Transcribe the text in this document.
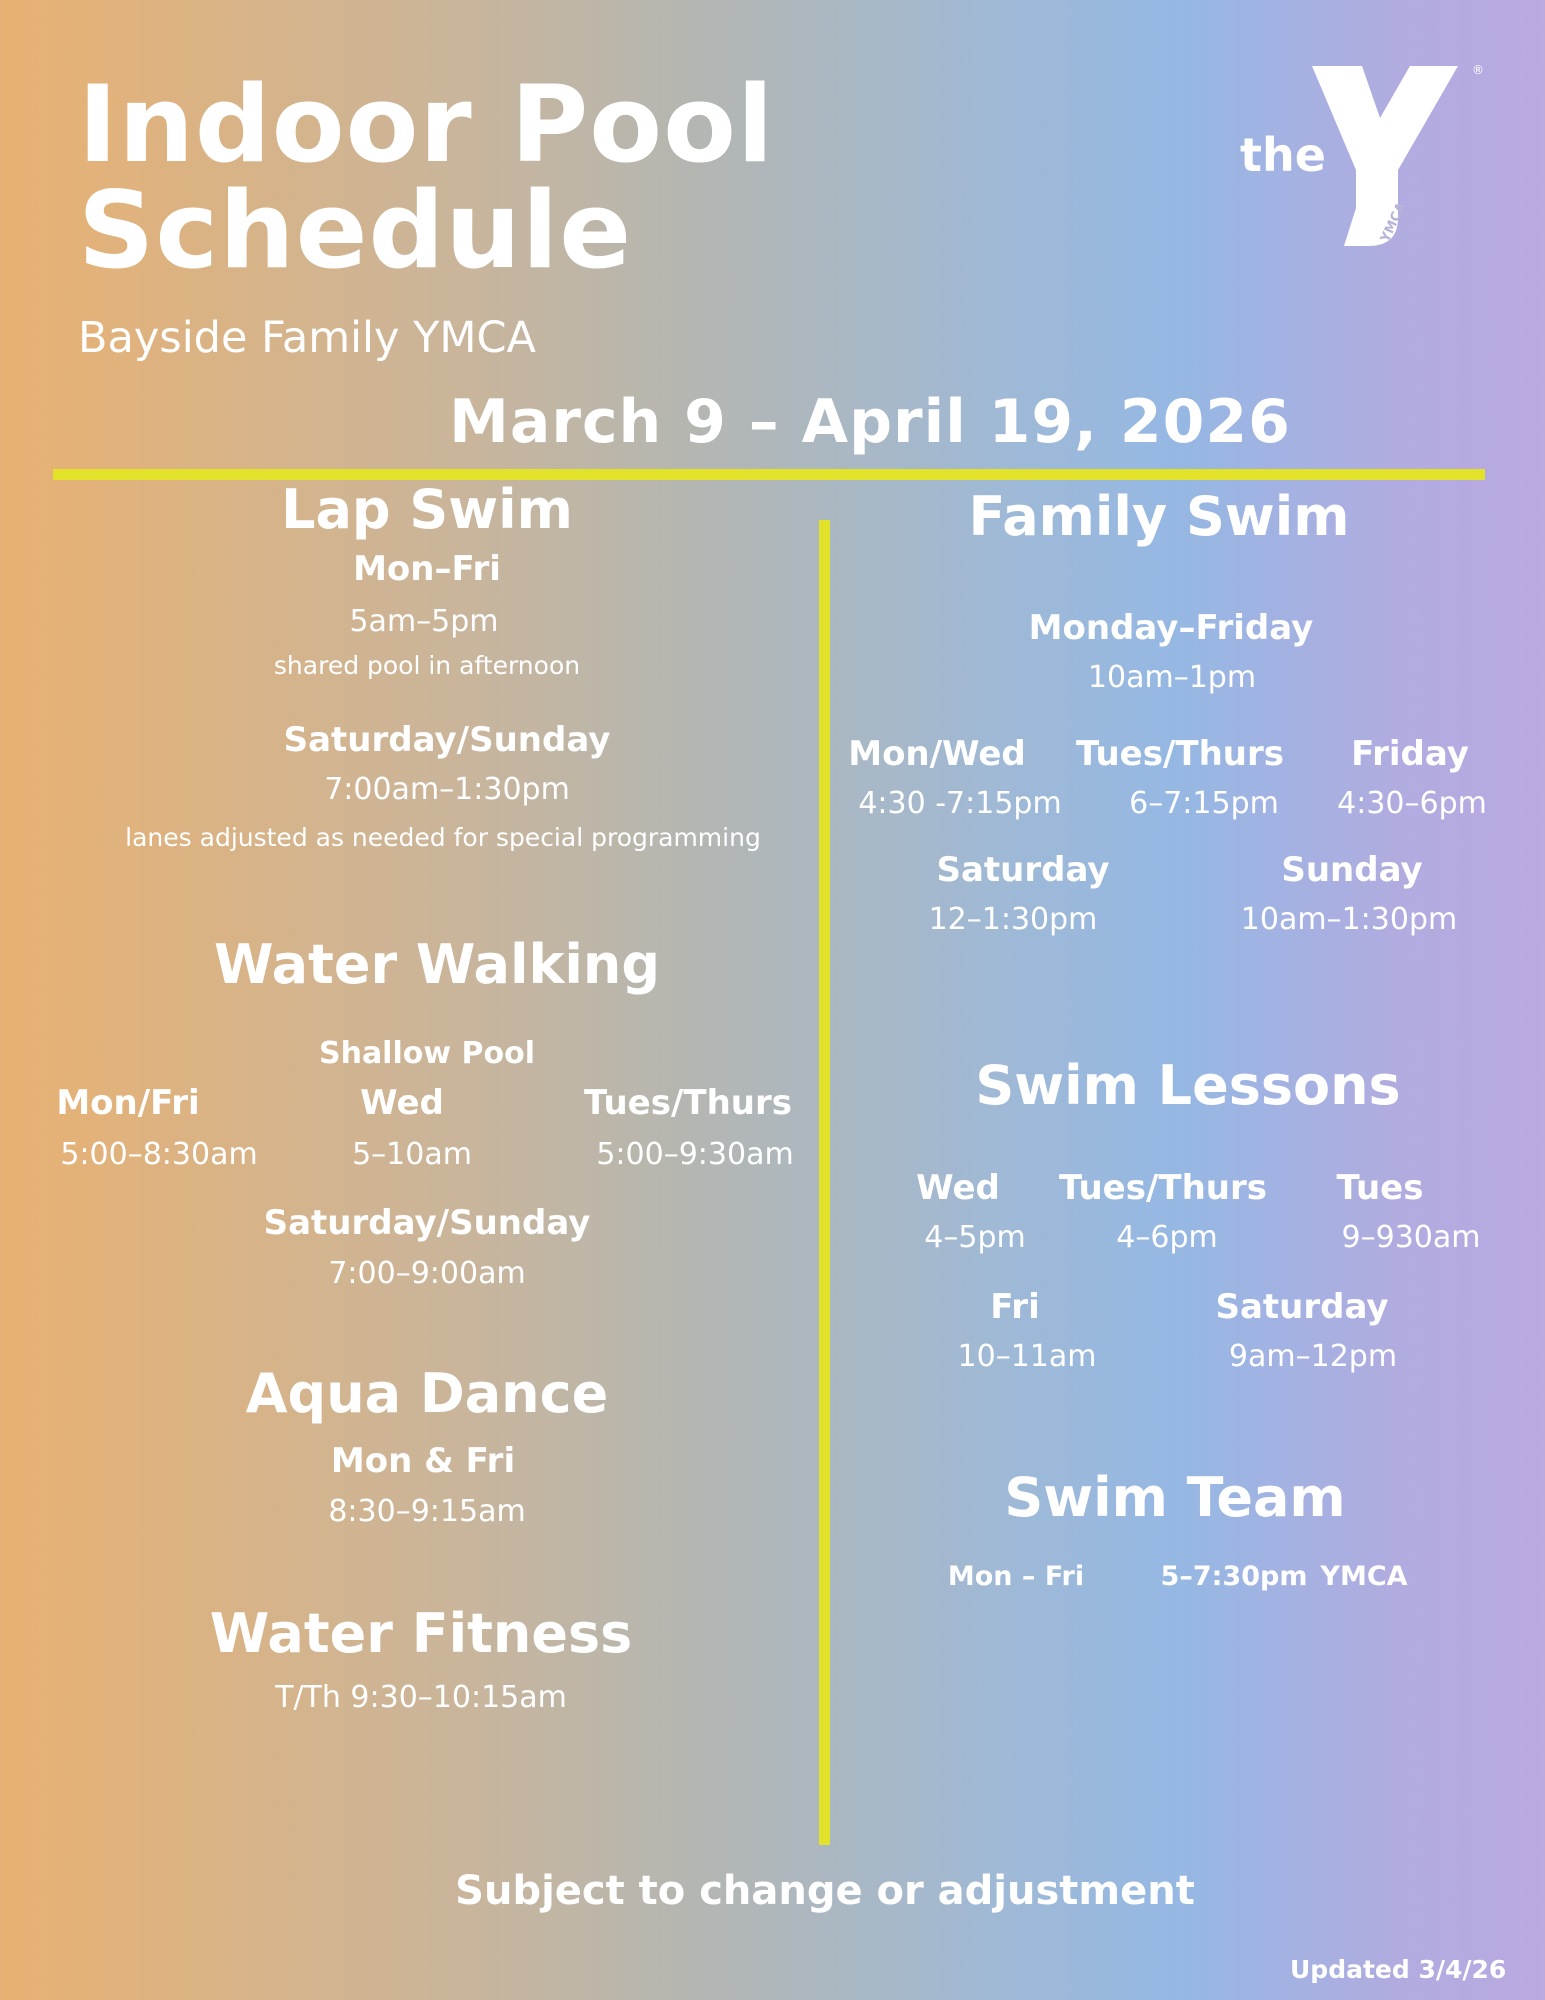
Indoor Pool
Schedule
Bayside Family YMCA
March 9 – April 19, 2026
the
YMCA
®
Lap Swim
Mon–Fri
5am–5pm
shared pool in afternoon
Saturday/Sunday
7:00am–1:30pm
lanes adjusted as needed for special programming
Water Walking
Shallow Pool
Mon/Fri
5:00–8:30am
Wed
5–10am
Tues/Thurs
5:00–9:30am
Saturday/Sunday
7:00–9:00am
Aqua Dance
Mon & Fri
8:30–9:15am
Water Fitness
T/Th 9:30–10:15am
Family Swim
Monday–Friday
10am–1pm
Mon/Wed
4:30 -7:15pm
Tues/Thurs
6–7:15pm
Friday
4:30–6pm
Saturday
12–1:30pm
Sunday
10am–1:30pm
Swim Lessons
Wed
4–5pm
Tues/Thurs
4–6pm
Tues
9–930am
Fri
10–11am
Saturday
9am–12pm
Swim Team
Mon – Fri	5–7:30pm YMCA
Subject to change or adjustment
Updated 3/4/26
